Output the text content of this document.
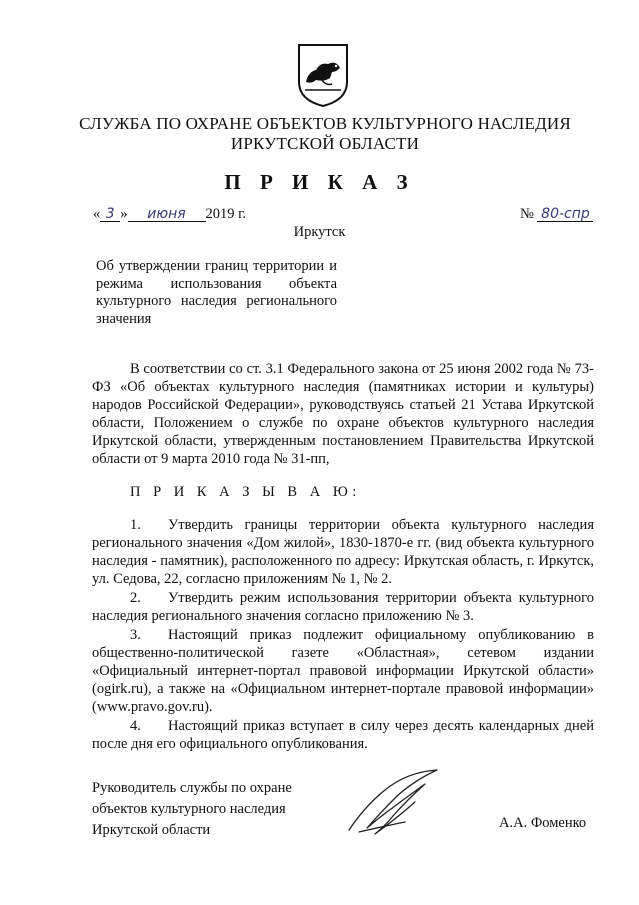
СЛУЖБА ПО ОХРАНЕ ОБЪЕКТОВ КУЛЬТУРНОГО НАСЛЕДИЯ
ИРКУТСКОЙ ОБЛАСТИ
П Р И К А З
« 3 » июня 2019 г.	№ 80-спр
Иркутск
Об утверждении границ территории и режима использования объекта культурного наследия регионального значения
В соответствии со ст. 3.1 Федерального закона от 25 июня 2002 года № 73-ФЗ «Об объектах культурного наследия (памятниках истории и культуры) народов Российской Федерации», руководствуясь статьей 21 Устава Иркутской области, Положением о службе по охране объектов культурного наследия Иркутской области, утвержденным постановлением Правительства Иркутской области от 9 марта 2010 года № 31-пп,
П Р И К А З Ы В А Ю:

1. Утвердить границы территории объекта культурного наследия регионального значения «Дом жилой», 1830-1870-е гг. (вид объекта культурного наследия - памятник), расположенного по адресу: Иркутская область, г. Иркутск, ул. Седова, 22, согласно приложениям № 1, № 2.

2. Утвердить режим использования территории объекта культурного наследия регионального значения согласно приложению № 3.

3. Настоящий приказ подлежит официальному опубликованию в общественно-политической газете «Областная», сетевом издании «Официальный интернет-портал правовой информации Иркутской области» (ogirk.ru), а также на «Официальном интернет-портале правовой информации» (www.pravo.gov.ru).

4. Настоящий приказ вступает в силу через десять календарных дней после дня его официального опубликования.

Руководитель службы по охране
объектов культурного наследия
Иркутской области	А.А. Фоменко
